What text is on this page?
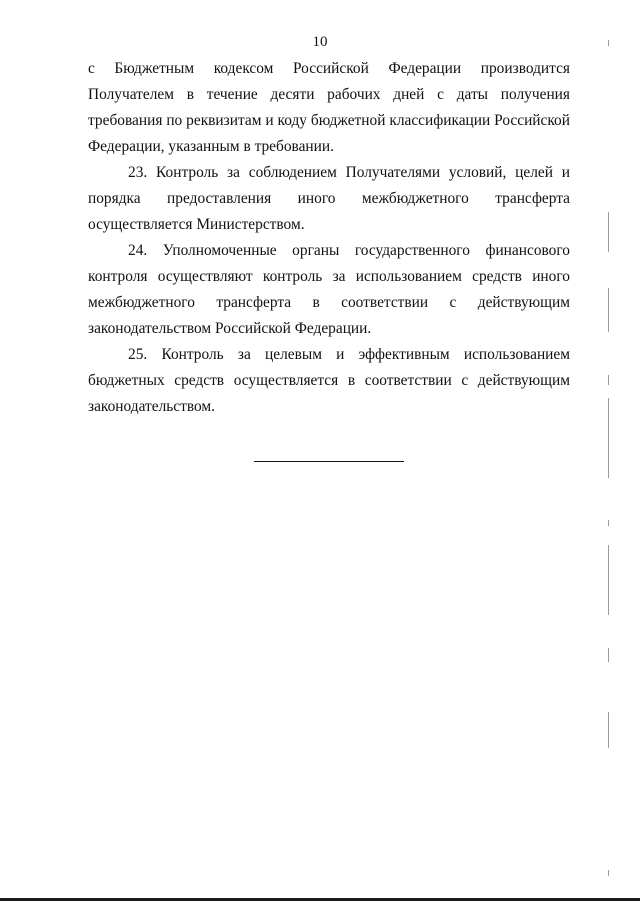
10

с Бюджетным кодексом Российской Федерации производится
Получателем в течение десяти рабочих дней с даты получения требования по реквизитам и коду бюджетной классификации Российской Федерации, указанным в требовании.

23. Контроль за соблюдением Получателями условий, целей и порядка предоставления иного межбюджетного трансферта осуществляется Министерством.

24. Уполномоченные органы государственного финансового контроля осуществляют контроль за использованием средств иного межбюджетного трансферта в соответствии с действующим законодательством Российской Федерации.

25. Контроль за целевым и эффективным использованием бюджетных средств осуществляется в соответствии с действующим законодательством.
